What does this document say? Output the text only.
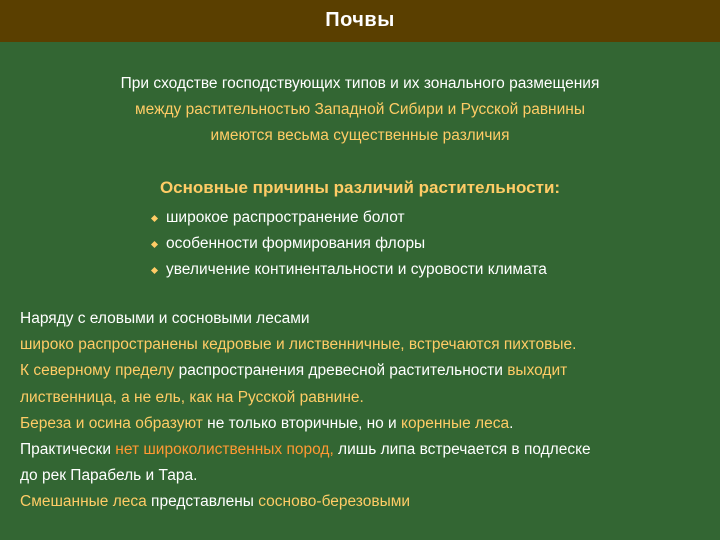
Почвы
При сходстве господствующих типов и их зонального размещения
между растительностью Западной Сибири и Русской равнины
имеются весьма существенные различия
Основные причины различий растительности:
широкое распространение болот
особенности формирования флоры
увеличение континентальности и суровости климата
Наряду с еловыми и сосновыми лесами
широко распространены кедровые и лиственничные, встречаются пихтовые.
К северному пределу распространения древесной растительности выходит
лиственница, а не ель, как на Русской равнине.
Береза и осина образуют не только вторичные, но и коренные леса.
Практически нет широколиственных пород, лишь липа встречается в подлеске
до рек Парабель и Тара.
Смешанные леса представлены сосново-березовыми
